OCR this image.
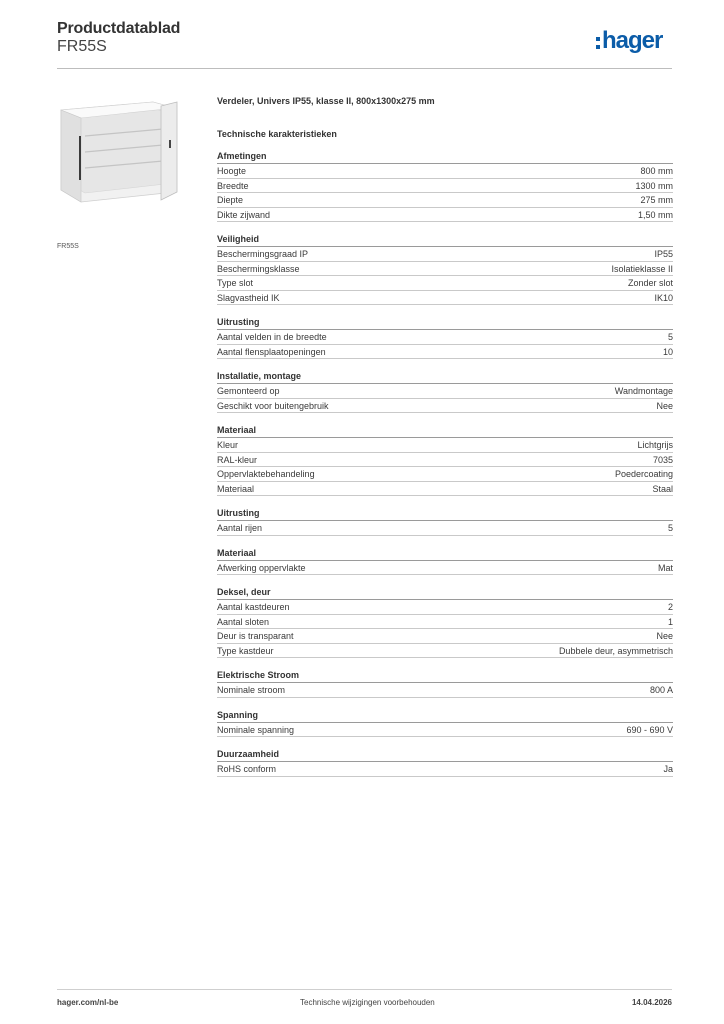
Productdatablad
FR55S	hager
FR55S
Verdeler, Univers IP55, klasse II, 800x1300x275 mm
Technische karakteristieken
Afmetingen
Hoogte	800 mm
Breedte	1300 mm
Diepte	275 mm
Dikte zijwand	1,50 mm
Veiligheid
Beschermingsgraad IP	IP55
Beschermingsklasse	Isolatieklasse II
Type slot	Zonder slot
Slagvastheid IK	IK10
Uitrusting
Aantal velden in de breedte	5
Aantal flensplaatopeningen	10
Installatie, montage
Gemonteerd op	Wandmontage
Geschikt voor buitengebruik	Nee
Materiaal
Kleur	Lichtgrijs
RAL-kleur	7035
Oppervlaktebehandeling	Poedercoating
Materiaal	Staal
Uitrusting
Aantal rijen	5
Materiaal
Afwerking oppervlakte	Mat
Deksel, deur
Aantal kastdeuren	2
Aantal sloten	1
Deur is transparant	Nee
Type kastdeur	Dubbele deur, asymmetrisch
Elektrische Stroom
Nominale stroom	800 A
Spanning
Nominale spanning	690 - 690 V
Duurzaamheid
RoHS conform	Ja
hager.com/nl-be	Technische wijzigingen voorbehouden	14.04.2026
